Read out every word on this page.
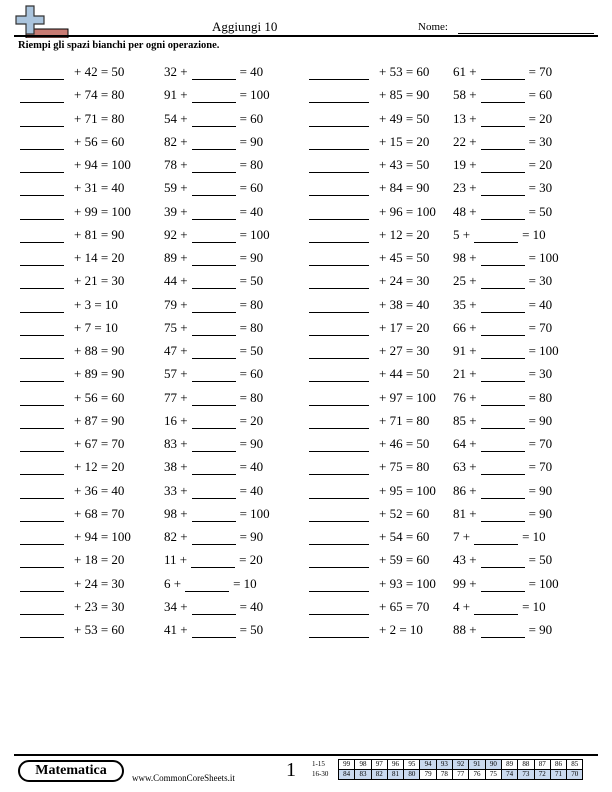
Aggiungi 10	Nome:
Riempi gli spazi bianchi per ogni operazione.
+ 42 = 50
+ 74 = 80
+ 71 = 80
+ 56 = 60
+ 94 = 100
+ 31 = 40
+ 99 = 100
+ 81 = 90
+ 14 = 20
+ 21 = 30
+ 3 = 10
+ 7 = 10
+ 88 = 90
+ 89 = 90
+ 56 = 60
+ 87 = 90
+ 67 = 70
+ 12 = 20
+ 36 = 40
+ 68 = 70
+ 94 = 100
+ 18 = 20
+ 24 = 30
+ 23 = 30
+ 53 = 60
32 +	= 40
91 +	= 100
54 +	= 60
82 +	= 90
78 +	= 80
59 +	= 60
39 +	= 40
92 +	= 100
89 +	= 90
44 +	= 50
79 +	= 80
75 +	= 80
47 +	= 50
57 +	= 60
77 +	= 80
16 +	= 20
83 +	= 90
38 +	= 40
33 +	= 40
98 +	= 100
82 +	= 90
11 +	= 20
6 +	= 10
34 +	= 40
41 +	= 50
+ 53 = 60
+ 85 = 90
+ 49 = 50
+ 15 = 20
+ 43 = 50
+ 84 = 90
+ 96 = 100
+ 12 = 20
+ 45 = 50
+ 24 = 30
+ 38 = 40
+ 17 = 20
+ 27 = 30
+ 44 = 50
+ 97 = 100
+ 71 = 80
+ 46 = 50
+ 75 = 80
+ 95 = 100
+ 52 = 60
+ 54 = 60
+ 59 = 60
+ 93 = 100
+ 65 = 70
+ 2 = 10
61 +	= 70
58 +	= 60
13 +	= 20
22 +	= 30
19 +	= 20
23 +	= 30
48 +	= 50
5 +	= 10
98 +	= 100
25 +	= 30
35 +	= 40
66 +	= 70
91 +	= 100
21 +	= 30
76 +	= 80
85 +	= 90
64 +	= 70
63 +	= 70
86 +	= 90
81 +	= 90
7 +	= 10
43 +	= 50
99 +	= 100
4 +	= 10
88 +	= 90
Matematica	www.CommonCoreSheets.it	1 1-15	99	98	97	96	95	94	93	92	91	90	89	88	87	86	85
16-30	84	83	82	81	80	79	78	77	76	75	74	73	72	71	70
